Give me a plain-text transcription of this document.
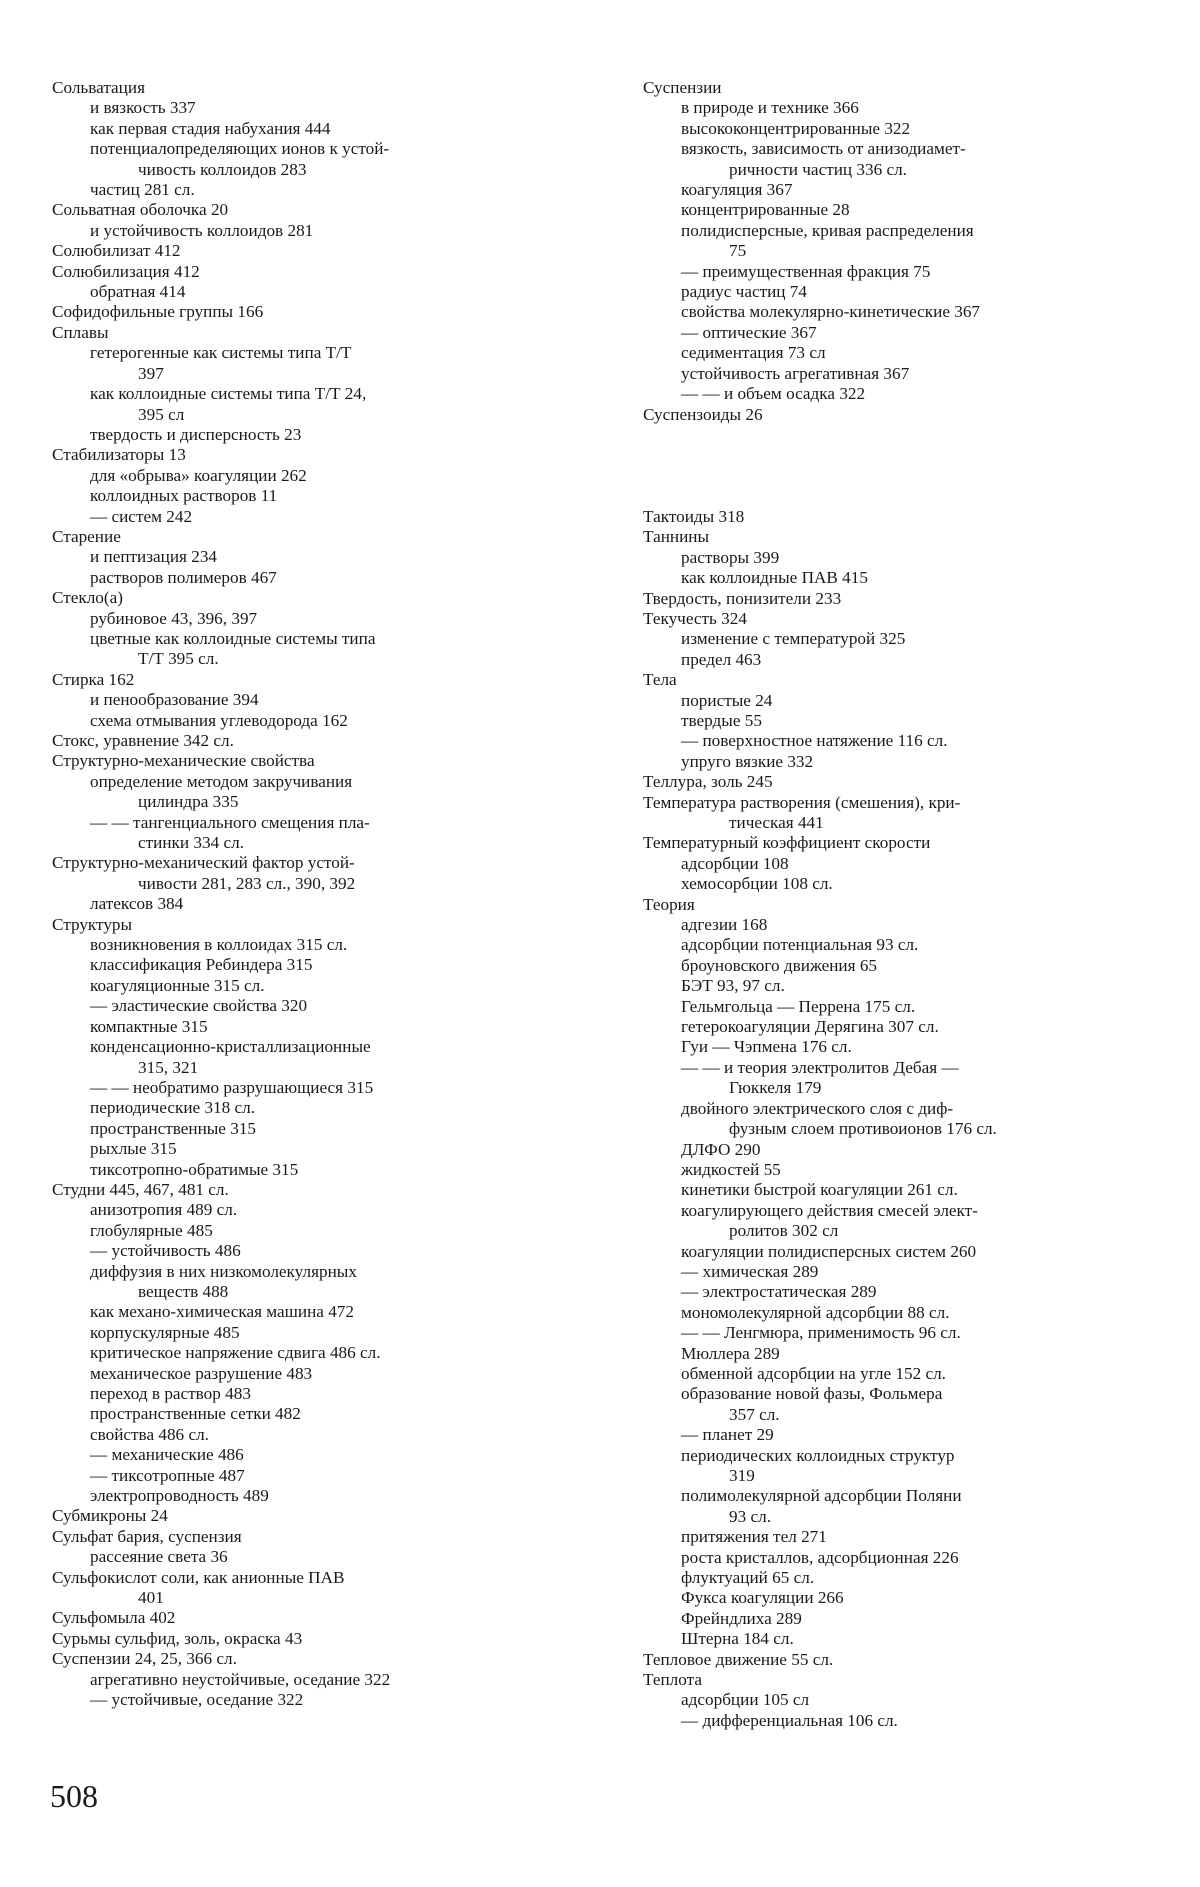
Сольватация
и вязкость 337
как первая стадия набухания 444
потенциалопределяющих ионов к устой-
чивость коллоидов 283
частиц 281 сл.
Сольватная оболочка 20
и устойчивость коллоидов 281
Солюбилизат 412
Солюбилизация 412
обратная 414
Софидофильные группы 166
Сплавы
гетерогенные как системы типа Т/Т
397
как коллоидные системы типа Т/Т 24,
395 сл
твердость и дисперсность 23
Стабилизаторы 13
для «обрыва» коагуляции 262
коллоидных растворов 11
— систем 242
Старение
и пептизация 234
растворов полимеров 467
Стекло(а)
рубиновое 43, 396, 397
цветные как коллоидные системы типа
Т/Т 395 сл.
Стирка 162
и пенообразование 394
схема отмывания углеводорода 162
Стокс, уравнение 342 сл.
Структурно-механические свойства
определение методом закручивания
цилиндра 335
— — тангенциального смещения пла-
стинки 334 сл.
Структурно-механический фактор устой-
чивости 281, 283 сл., 390, 392
латексов 384
Структуры
возникновения в коллоидах 315 сл.
классификация Ребиндера 315
коагуляционные 315 сл.
— эластические свойства 320
компактные 315
конденсационно-кристаллизационные
315, 321
— — необратимо разрушающиеся 315
периодические 318 сл.
пространственные 315
рыхлые 315
тиксотропно-обратимые 315
Студни 445, 467, 481 сл.
анизотропия 489 сл.
глобулярные 485
— устойчивость 486
диффузия в них низкомолекулярных
веществ 488
как механо-химическая машина 472
корпускулярные 485
критическое напряжение сдвига 486 сл.
механическое разрушение 483
переход в раствор 483
пространственные сетки 482
свойства 486 сл.
— механические 486
— тиксотропные 487
электропроводность 489
Субмикроны 24
Сульфат бария, суспензия
рассеяние света 36
Сульфокислот соли, как анионные ПАВ
401
Сульфомыла 402
Сурьмы сульфид, золь, окраска 43
Суспензии 24, 25, 366 сл.
агрегативно неустойчивые, оседание 322
— устойчивые, оседание 322
Суспензии
в природе и технике 366
высококонцентрированные 322
вязкость, зависимость от анизодиамет-
ричности частиц 336 сл.
коагуляция 367
концентрированные 28
полидисперсные, кривая распределения
75
— преимущественная фракция 75
радиус частиц 74
свойства молекулярно-кинетические 367
— оптические 367
седиментация 73 сл
устойчивость агрегативная 367
— — и объем осадка 322
Суспензоиды 26
Тактоиды 318
Таннины
растворы 399
как коллоидные ПАВ 415
Твердость, понизители 233
Текучесть 324
изменение с температурой 325
предел 463
Тела
пористые 24
твердые 55
— поверхностное натяжение 116 сл.
упруго вязкие 332
Теллура, золь 245
Температура растворения (смешения), кри-
тическая 441
Температурный коэффициент скорости
адсорбции 108
хемосорбции 108 сл.
Теория
адгезии 168
адсорбции потенциальная 93 сл.
броуновского движения 65
БЭТ 93, 97 сл.
Гельмгольца — Перрена 175 сл.
гетерокоагуляции Дерягина 307 сл.
Гуи — Чэпмена 176 сл.
— — и теория электролитов Дебая —
Гюккеля 179
двойного электрического слоя с диф-
фузным слоем противоионов 176 сл.
ДЛФО 290
жидкостей 55
кинетики быстрой коагуляции 261 сл.
коагулирующего действия смесей элект-
ролитов 302 сл
коагуляции полидисперсных систем 260
— химическая 289
— электростатическая 289
мономолекулярной адсорбции 88 сл.
— — Ленгмюра, применимость 96 сл.
Мюллера 289
обменной адсорбции на угле 152 сл.
образование новой фазы, Фольмера
357 сл.
— планет 29
периодических коллоидных структур
319
полимолекулярной адсорбции Поляни
93 сл.
притяжения тел 271
роста кристаллов, адсорбционная 226
флуктуаций 65 сл.
Фукса коагуляции 266
Фрейндлиха 289
Штерна 184 сл.
Тепловое движение 55 сл.
Теплота
адсорбции 105 сл
— дифференциальная 106 сл.
508
